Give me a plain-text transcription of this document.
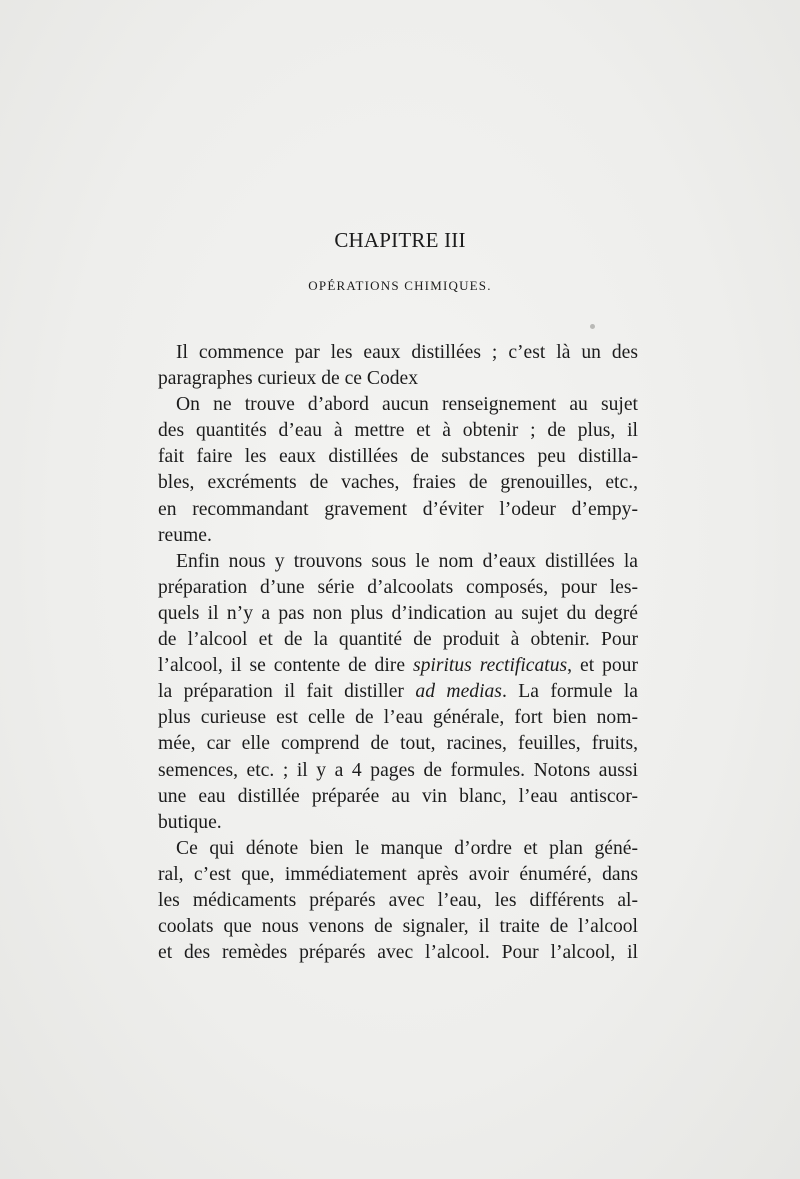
CHAPITRE III
OPÉRATIONS CHIMIQUES.
Il commence par les eaux distillées ; c’est là un des
paragraphes curieux de ce Codex
On ne trouve d’abord aucun renseignement au sujet
des quantités d’eau à mettre et à obtenir ; de plus, il
fait faire les eaux distillées de substances peu distilla-
bles, excréments de vaches, fraies de grenouilles, etc.,
en recommandant gravement d’éviter l’odeur d’empy-
reume.
Enfin nous y trouvons sous le nom d’eaux distillées la
préparation d’une série d’alcoolats composés, pour les-
quels il n’y a pas non plus d’indication au sujet du degré
de l’alcool et de la quantité de produit à obtenir. Pour
l’alcool, il se contente de dire spiritus rectificatus, et pour
la préparation il fait distiller ad medias. La formule la
plus curieuse est celle de l’eau générale, fort bien nom-
mée, car elle comprend de tout, racines, feuilles, fruits,
semences, etc. ; il y a 4 pages de formules. Notons aussi
une eau distillée préparée au vin blanc, l’eau antiscor-
butique.
Ce qui dénote bien le manque d’ordre et plan géné-
ral, c’est que, immédiatement après avoir énuméré, dans
les médicaments préparés avec l’eau, les différents al-
coolats que nous venons de signaler, il traite de l’alcool
et des remèdes préparés avec l’alcool. Pour l’alcool, il
